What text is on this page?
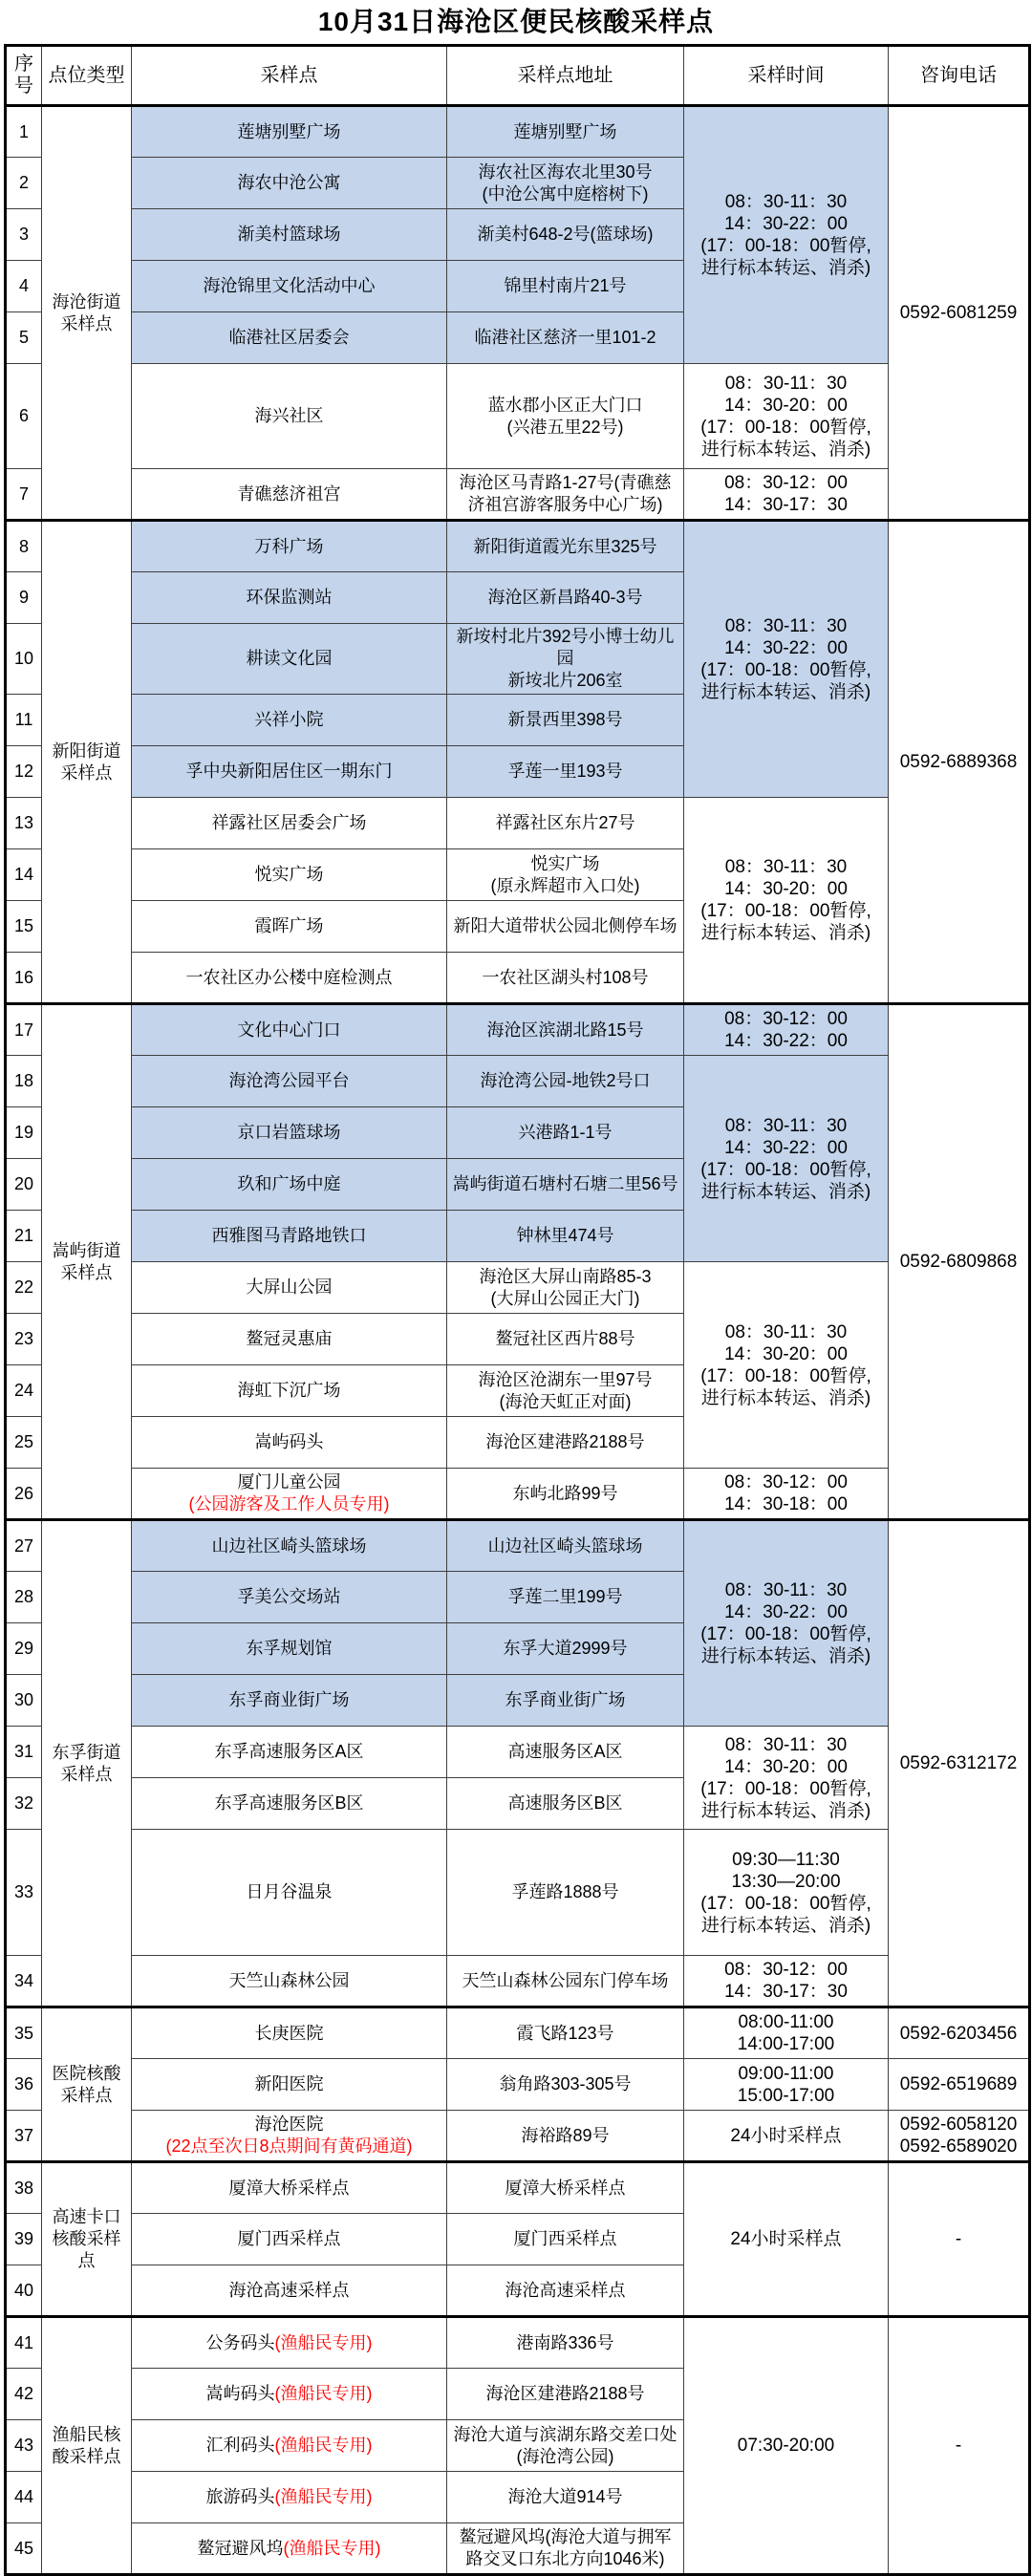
10月31日海沧区便民核酸采样点
序号	点位类型	采样点	采样点地址	采样时间	咨询电话
1	海沧街道采样点	莲塘别墅广场	莲塘别墅广场	08：30-11：30
14：30-22：00
(17：00-18：00暂停,
进行标本转运、消杀)	0592-6081259
2		海农中沧公寓	海农社区海农北里30号
(中沧公寓中庭榕树下)		
3		渐美村篮球场	渐美村648-2号(篮球场)		
4		海沧锦里文化活动中心	锦里村南片21号		
5		临港社区居委会	临港社区慈济一里101-2		
6		海兴社区	蓝水郡小区正大门口
(兴港五里22号)	08：30-11：30
14：30-20：00
(17：00-18：00暂停,
进行标本转运、消杀)	
7		青礁慈济祖宫	海沧区马青路1-27号(青礁慈
济祖宫游客服务中心广场)	08：30-12：00
14：30-17：30	
8	新阳街道采样点	万科广场	新阳街道霞光东里325号	08：30-11：30
14：30-22：00
(17：00-18：00暂停,
进行标本转运、消杀)	0592-6889368
9		环保监测站	海沧区新昌路40-3号		
10		耕读文化园	新垵村北片392号小博士幼儿园
新垵北片206室		
11		兴祥小院	新景西里398号		
12		孚中央新阳居住区一期东门	孚莲一里193号		
13		祥露社区居委会广场	祥露社区东片27号	08：30-11：30
14：30-20：00
(17：00-18：00暂停,
进行标本转运、消杀)	
14		悦实广场	悦实广场
(原永辉超市入口处)		
15		霞晖广场	新阳大道带状公园北侧停车场		
16		一农社区办公楼中庭检测点	一农社区湖头村108号		
17	嵩屿街道采样点	文化中心门口	海沧区滨湖北路15号	08：30-12：00
14：30-22：00	0592-6809868
18		海沧湾公园平台	海沧湾公园-地铁2号口	08：30-11：30
14：30-22：00
(17：00-18：00暂停,
进行标本转运、消杀)	
19		京口岩篮球场	兴港路1-1号		
20		玖和广场中庭	嵩屿街道石塘村石塘二里56号		
21		西雅图马青路地铁口	钟林里474号		
22		大屏山公园	海沧区大屏山南路85-3
(大屏山公园正大门)	08：30-11：30
14：30-20：00
(17：00-18：00暂停,
进行标本转运、消杀)	
23		鳌冠灵惠庙	鳌冠社区西片88号		
24		海虹下沉广场	海沧区沧湖东一里97号
(海沧天虹正对面)		
25		嵩屿码头	海沧区建港路2188号		
26		厦门儿童公园
(公园游客及工作人员专用)	东屿北路99号	08：30-12：00
14：30-18：00	
27	东孚街道采样点	山边社区崎头篮球场	山边社区崎头篮球场	08：30-11：30
14：30-22：00
(17：00-18：00暂停,
进行标本转运、消杀)	0592-6312172
28		孚美公交场站	孚莲二里199号		
29		东孚规划馆	东孚大道2999号		
30		东孚商业街广场	东孚商业街广场		
31		东孚高速服务区A区	高速服务区A区	08：30-11：30
14：30-20：00
(17：00-18：00暂停,
进行标本转运、消杀)	
32		东孚高速服务区B区	高速服务区B区		
33		日月谷温泉	孚莲路1888号	09:30—11:30
13:30—20:00
(17：00-18：00暂停,
进行标本转运、消杀)	
34		天竺山森林公园	天竺山森林公园东门停车场	08：30-12：00
14：30-17：30	
35	医院核酸采样点	长庚医院	霞飞路123号	08:00-11:00
14:00-17:00	0592-6203456
36		新阳医院	翁角路303-305号	09:00-11:00
15:00-17:00	0592-6519689
37		海沧医院
(22点至次日8点期间有黄码通道)	海裕路89号	24小时采样点	0592-6058120
0592-6589020
38	高速卡口核酸采样点	厦漳大桥采样点	厦漳大桥采样点	24小时采样点	-
39		厦门西采样点	厦门西采样点		
40		海沧高速采样点	海沧高速采样点		
41	渔船民核酸采样点	公务码头(渔船民专用)	港南路336号	07:30-20:00	-
42		嵩屿码头(渔船民专用)	海沧区建港路2188号		
43		汇利码头(渔船民专用)	海沧大道与滨湖东路交差口处
(海沧湾公园)		
44		旅游码头(渔船民专用)	海沧大道914号		
45		鳌冠避风坞(渔船民专用)	鳌冠避风坞(海沧大道与拥军
路交叉口东北方向1046米)		
